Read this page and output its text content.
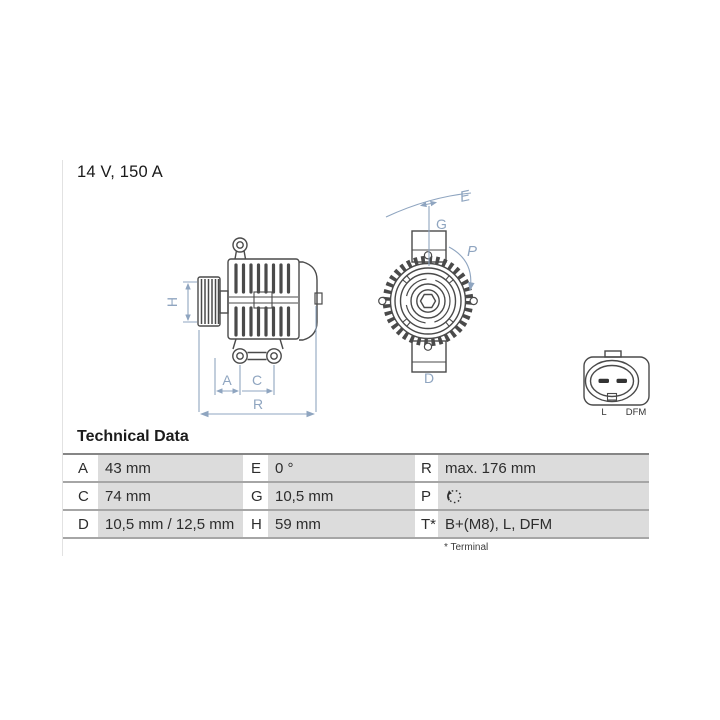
14 V, 150 A
H
A C
R
E
G
P
D
L DFM
Technical Data
A	43 mm	E 0 °	R max. 176 mm
C	74 mm	G 10,5 mm	P
D	10,5 mm / 12,5 mm	H 59 mm	T* B+(M8), L, DFM
* Terminal
